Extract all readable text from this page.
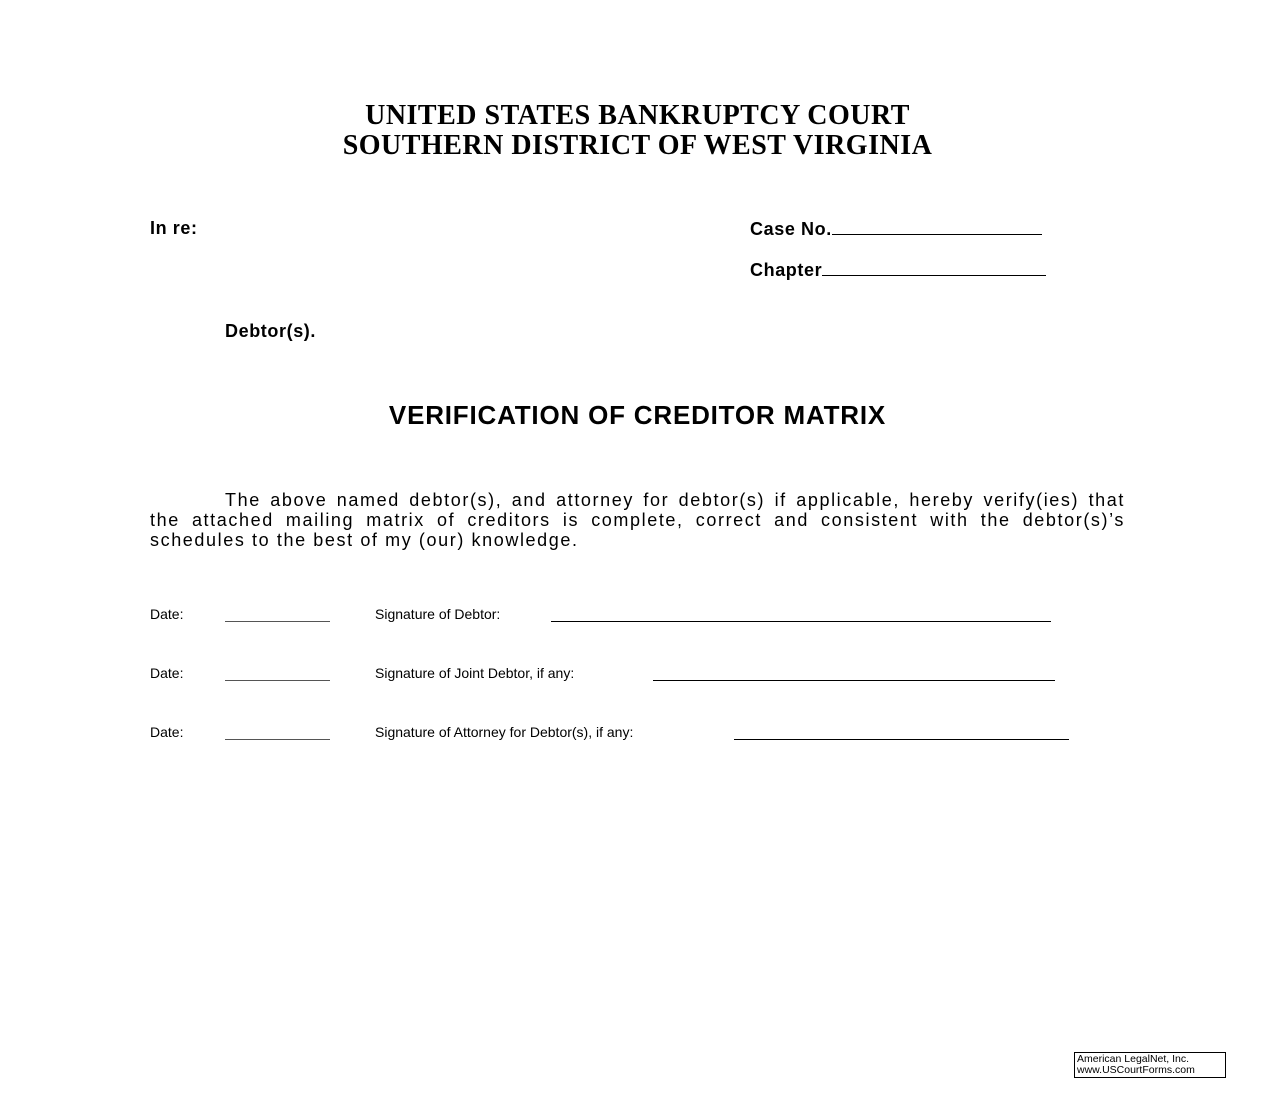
UNITED STATES BANKRUPTCY COURT
SOUTHERN DISTRICT OF WEST VIRGINIA
In re:	Case No.
Chapter
Debtor(s).
VERIFICATION OF CREDITOR MATRIX
The above named debtor(s), and attorney for debtor(s) if applicable, hereby verify(ies) that the attached mailing matrix of creditors is complete, correct and consistent with the debtor(s)’s schedules to the best of my (our) knowledge.
Date:	Signature of Debtor:
Date:	Signature of Joint Debtor, if any:
Date:	Signature of Attorney for Debtor(s), if any:
American LegalNet, Inc.
www.USCourtForms.com
